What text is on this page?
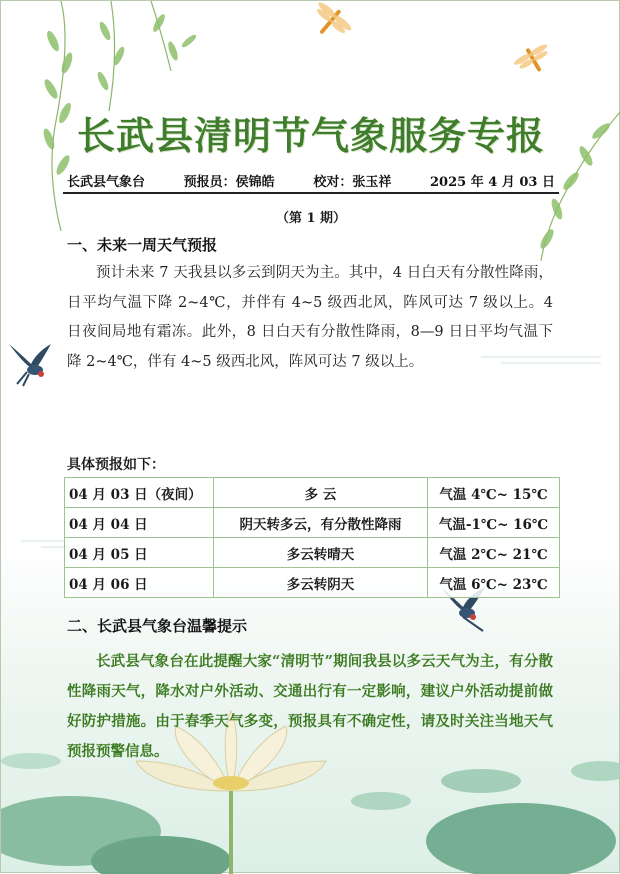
长武县清明节气象服务专报
长武县气象台	预报员：侯锦皓	校对：张玉祥	2025 年 4 月 03 日
（第 1 期）
一、未来一周天气预报
预计未来 7 天我县以多云到阴天为主。其中，4 日白天有分散性降雨，日平均气温下降 2~4℃，并伴有 4~5 级西北风，阵风可达 7 级以上。4 日夜间局地有霜冻。此外，8 日白天有分散性降雨，8—9 日日平均气温下降 2~4℃，伴有 4~5 级西北风，阵风可达 7 级以上。
具体预报如下：
04 月 03 日（夜间）	多 云	气温 4℃~ 15℃
04 月 04 日	阴天转多云，有分散性降雨	气温-1℃~ 16℃
04 月 05 日	多云转晴天	气温 2℃~ 21℃
04 月 06 日	多云转阴天	气温 6℃~ 23℃
二、长武县气象台温馨提示
长武县气象台在此提醒大家“清明节”期间我县以多云天气为主，有分散性降雨天气，降水对户外活动、交通出行有一定影响，建议户外活动提前做好防护措施。由于春季天气多变，预报具有不确定性，请及时关注当地天气预报预警信息。
